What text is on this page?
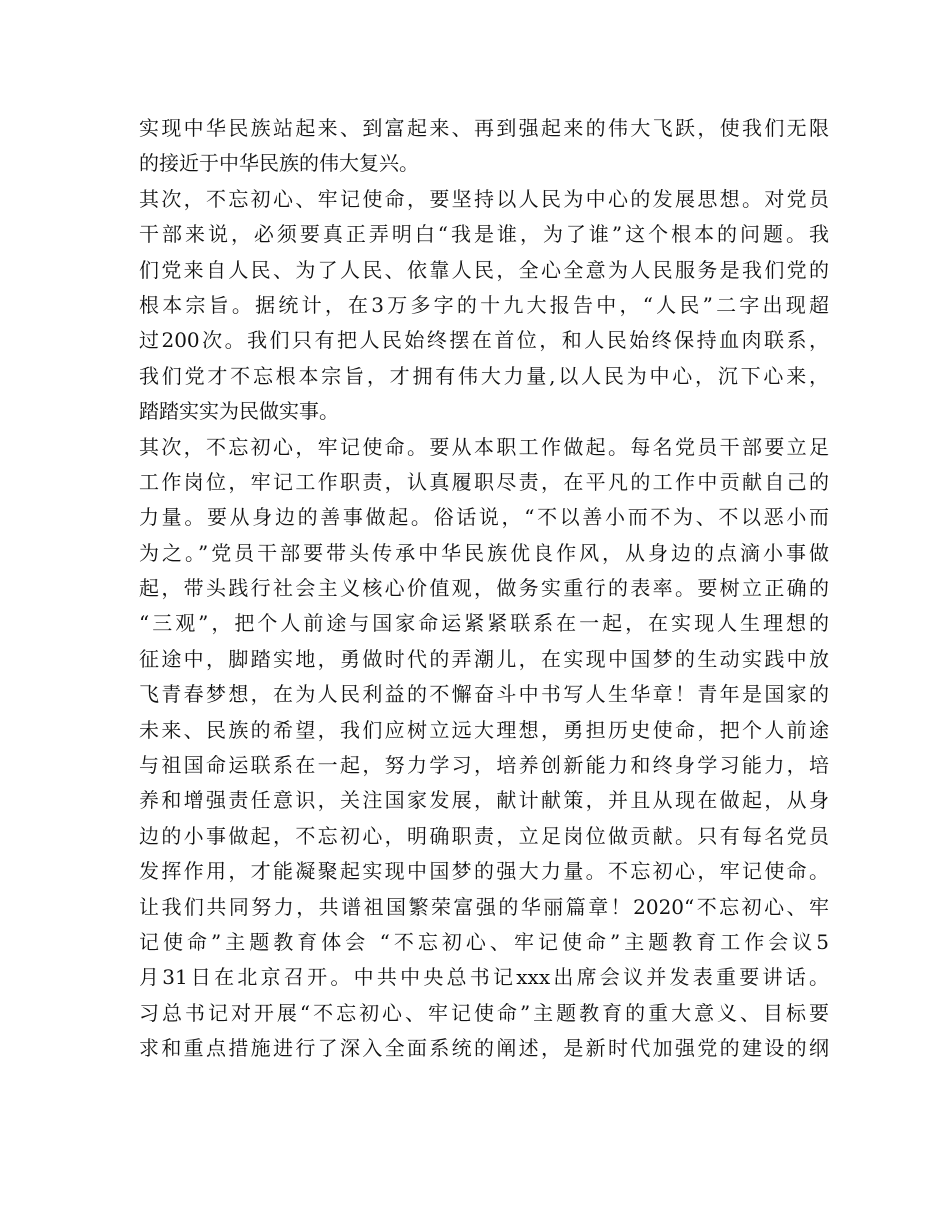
实现中华民族站起来、到富起来、再到强起来的伟大飞跃，使我们无限
的接近于中华民族的伟大复兴。
其次，不忘初心、牢记使命，要坚持以人民为中心的发展思想。对党员
干部来说，必须要真正弄明白“我是谁，为了谁”这个根本的问题。我
们党来自人民、为了人民、依靠人民，全心全意为人民服务是我们党的
根本宗旨。据统计，在3万多字的十九大报告中，“人民”二字出现超
过200次。我们只有把人民始终摆在首位，和人民始终保持血肉联系，
我们党才不忘根本宗旨，才拥有伟大力量,以人民为中心，沉下心来，
踏踏实实为民做实事。
其次，不忘初心，牢记使命。要从本职工作做起。每名党员干部要立足
工作岗位，牢记工作职责，认真履职尽责，在平凡的工作中贡献自己的
力量。要从身边的善事做起。俗话说，“不以善小而不为、不以恶小而
为之。”党员干部要带头传承中华民族优良作风，从身边的点滴小事做
起，带头践行社会主义核心价值观，做务实重行的表率。要树立正确的
“三观”，把个人前途与国家命运紧紧联系在一起，在实现人生理想的
征途中，脚踏实地，勇做时代的弄潮儿，在实现中国梦的生动实践中放
飞青春梦想，在为人民利益的不懈奋斗中书写人生华章！青年是国家的
未来、民族的希望，我们应树立远大理想，勇担历史使命，把个人前途
与祖国命运联系在一起，努力学习，培养创新能力和终身学习能力，培
养和增强责任意识，关注国家发展，献计献策，并且从现在做起，从身
边的小事做起，不忘初心，明确职责，立足岗位做贡献。只有每名党员
发挥作用，才能凝聚起实现中国梦的强大力量。不忘初心，牢记使命。
让我们共同努力，共谱祖国繁荣富强的华丽篇章！2020“不忘初心、牢
记使命”主题教育体会 “不忘初心、牢记使命”主题教育工作会议5
月31日在北京召开。中共中央总书记xxx出席会议并发表重要讲话。
习总书记对开展“不忘初心、牢记使命”主题教育的重大意义、目标要
求和重点措施进行了深入全面系统的阐述，是新时代加强党的建设的纲
